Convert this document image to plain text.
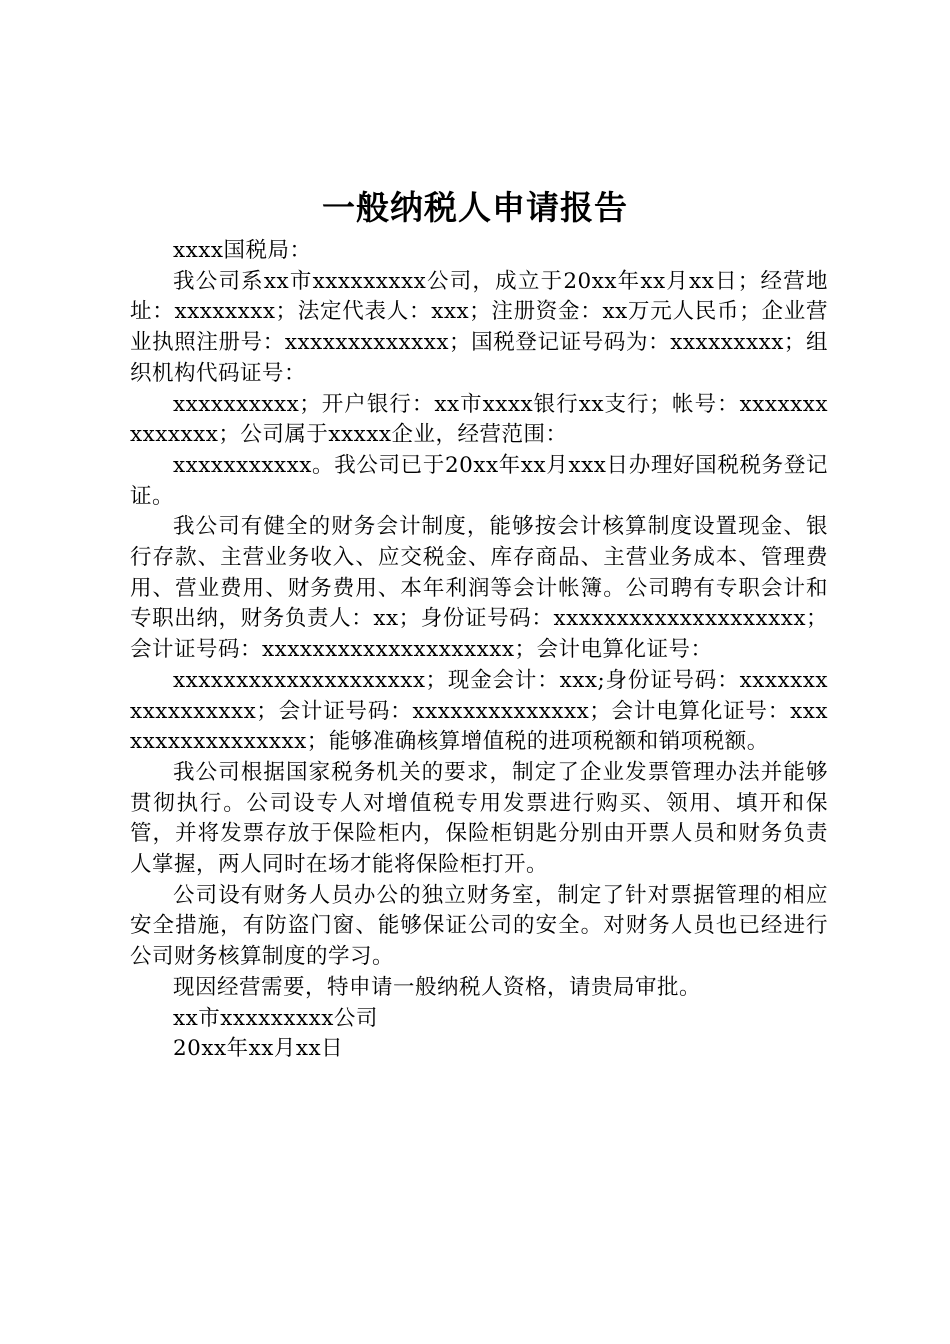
一般纳税人申请报告

xxxx国税局：

我公司系xx市xxxxxxxxx公司，成立于20xx年xx月xx日；经营地址：xxxxxxxx；法定代表人：xxx；注册资金：xx万元人民币；企业营业执照注册号：xxxxxxxxxxxxx；国税登记证号码为：xxxxxxxxx；组织机构代码证号：

xxxxxxxxxx；开户银行：xx市xxxx银行xx支行；帐号：xxxxxxxxxxxxxx；公司属于xxxxx企业，经营范围：

xxxxxxxxxxx。我公司已于20xx年xx月xxx日办理好国税税务登记证。

我公司有健全的财务会计制度，能够按会计核算制度设置现金、银行存款、主营业务收入、应交税金、库存商品、主营业务成本、管理费用、营业费用、财务费用、本年利润等会计帐簿。公司聘有专职会计和专职出纳，财务负责人：xx；身份证号码：xxxxxxxxxxxxxxxxxxxx；会计证号码：xxxxxxxxxxxxxxxxxxxx；会计电算化证号：

xxxxxxxxxxxxxxxxxxxx；现金会计：xxx;身份证号码：xxxxxxxxxxxxxxxxx；会计证号码：xxxxxxxxxxxxxx；会计电算化证号：xxxxxxxxxxxxxxxxx；能够准确核算增值税的进项税额和销项税额。

我公司根据国家税务机关的要求，制定了企业发票管理办法并能够贯彻执行。公司设专人对增值税专用发票进行购买、领用、填开和保管，并将发票存放于保险柜内，保险柜钥匙分别由开票人员和财务负责人掌握，两人同时在场才能将保险柜打开。

公司设有财务人员办公的独立财务室，制定了针对票据管理的相应安全措施，有防盗门窗、能够保证公司的安全。对财务人员也已经进行公司财务核算制度的学习。

现因经营需要，特申请一般纳税人资格，请贵局审批。

xx市xxxxxxxxx公司

20xx年xx月xx日
